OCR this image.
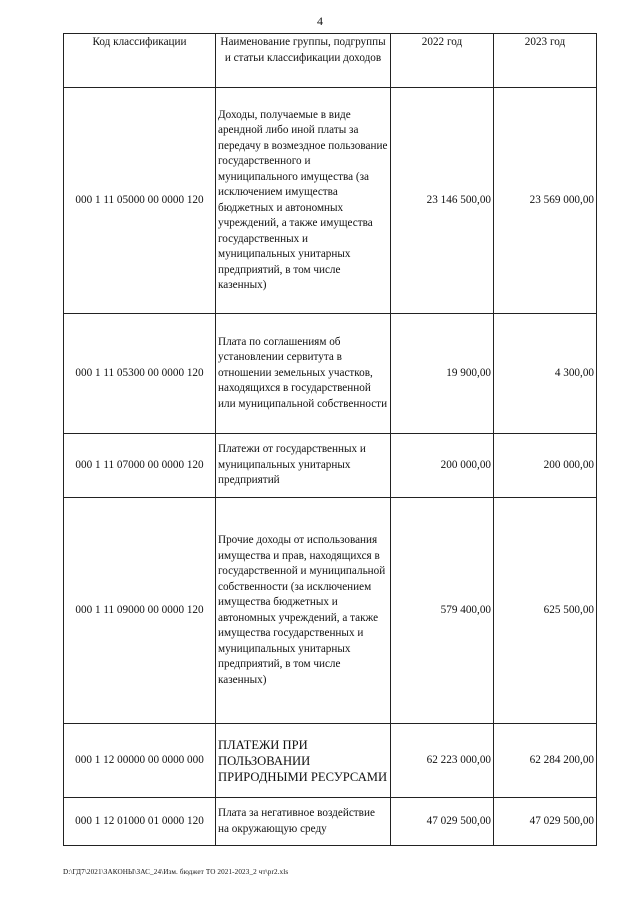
4
Код классификации	Наименование группы, подгруппы и статьи классификации доходов	2022 год	2023 год
000 1 11 05000 00 0000 120	Доходы, получаемые в виде арендной либо иной платы за передачу в возмездное пользование государственного и муниципального имущества (за исключением имущества бюджетных и автономных учреждений, а также имущества государственных и муниципальных унитарных предприятий, в том числе казенных)	23 146 500,00	23 569 000,00
000 1 11 05300 00 0000 120	Плата по соглашениям об установлении сервитута в отношении земельных участков, находящихся в государственной или муниципальной собственности	19 900,00	4 300,00
000 1 11 07000 00 0000 120	Платежи от государственных и муниципальных унитарных предприятий	200 000,00	200 000,00
000 1 11 09000 00 0000 120	Прочие доходы от использования имущества и прав, находящихся в государственной и муниципальной собственности (за исключением имущества бюджетных и автономных учреждений, а также имущества государственных и муниципальных унитарных предприятий, в том числе казенных)	579 400,00	625 500,00
000 1 12 00000 00 0000 000	ПЛАТЕЖИ ПРИ ПОЛЬЗОВАНИИ ПРИРОДНЫМИ РЕСУРСАМИ	62 223 000,00	62 284 200,00
000 1 12 01000 01 0000 120	Плата за негативное воздействие на окружающую среду	47 029 500,00	47 029 500,00
D:\ГД7\2021\ЗАКОНЫ\ЗАС_24\Изм. бюджет ТО 2021-2023_2 чт\pr2.xls
